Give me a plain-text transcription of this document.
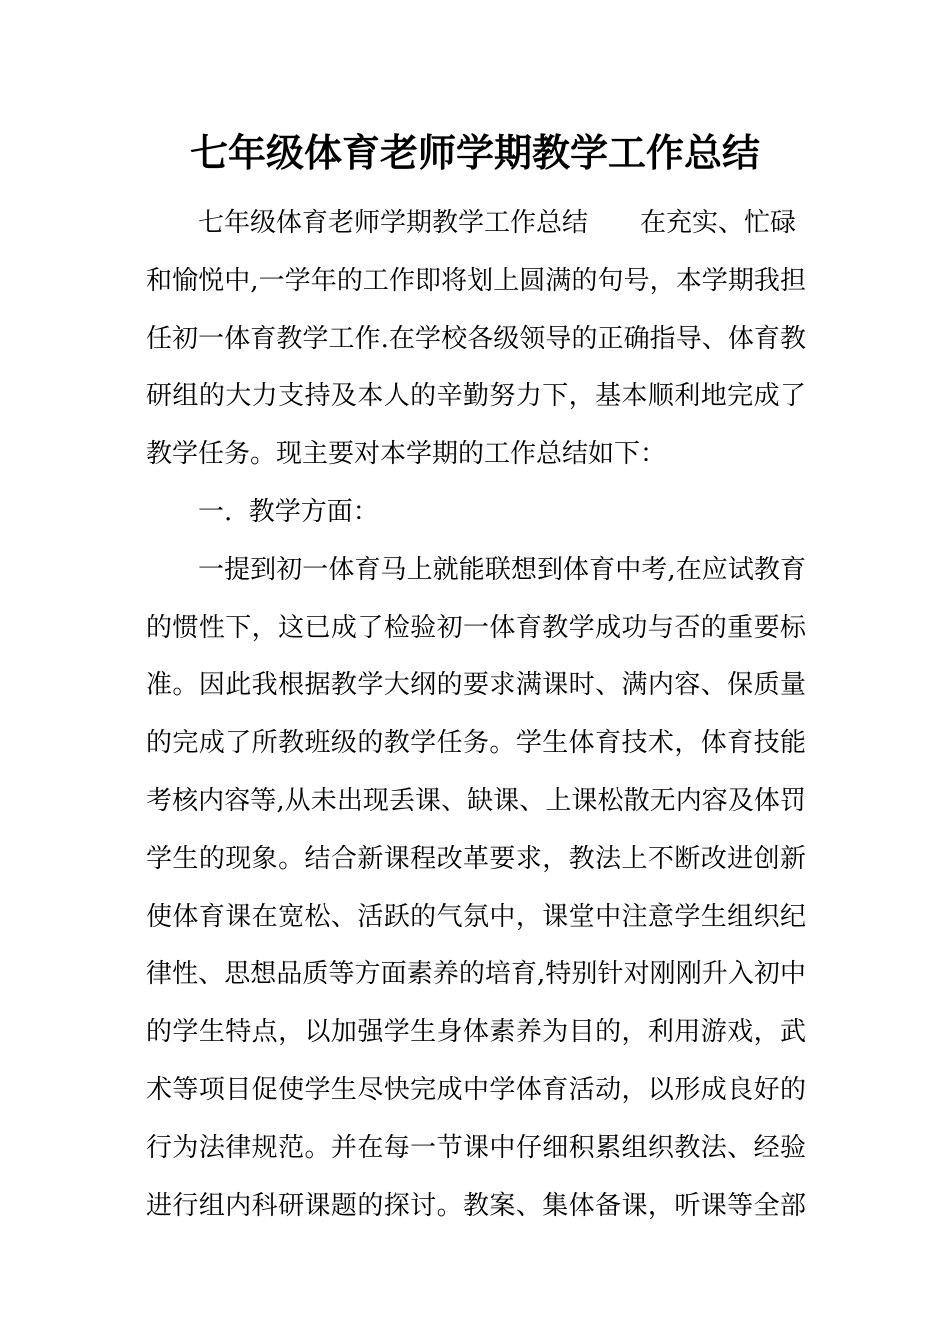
七年级体育老师学期教学工作总结
七年级体育老师学期教学工作总结 在充实、忙碌
和愉悦中,一学年的工作即将划上圆满的句号，本学期我担
任初一体育教学工作.在学校各级领导的正确指导、体育教
研组的大力支持及本人的辛勤努力下，基本顺利地完成了
教学任务。现主要对本学期的工作总结如下：
一.  教学方面：
一提到初一体育马上就能联想到体育中考,在应试教育
的惯性下，这已成了检验初一体育教学成功与否的重要标
准。因此我根据教学大纲的要求满课时、满内容、保质量
的完成了所教班级的教学任务。学生体育技术，体育技能
考核内容等,从未出现丢课、缺课、上课松散无内容及体罚
学生的现象。结合新课程改革要求，教法上不断改进创新
使体育课在宽松、活跃的气氛中，课堂中注意学生组织纪
律性、思想品质等方面素养的培育,特别针对刚刚升入初中
的学生特点，以加强学生身体素养为目的，利用游戏，武
术等项目促使学生尽快完成中学体育活动，以形成良好的
行为法律规范。并在每一节课中仔细积累组织教法、经验
进行组内科研课题的探讨。教案、集体备课，听课等全部
